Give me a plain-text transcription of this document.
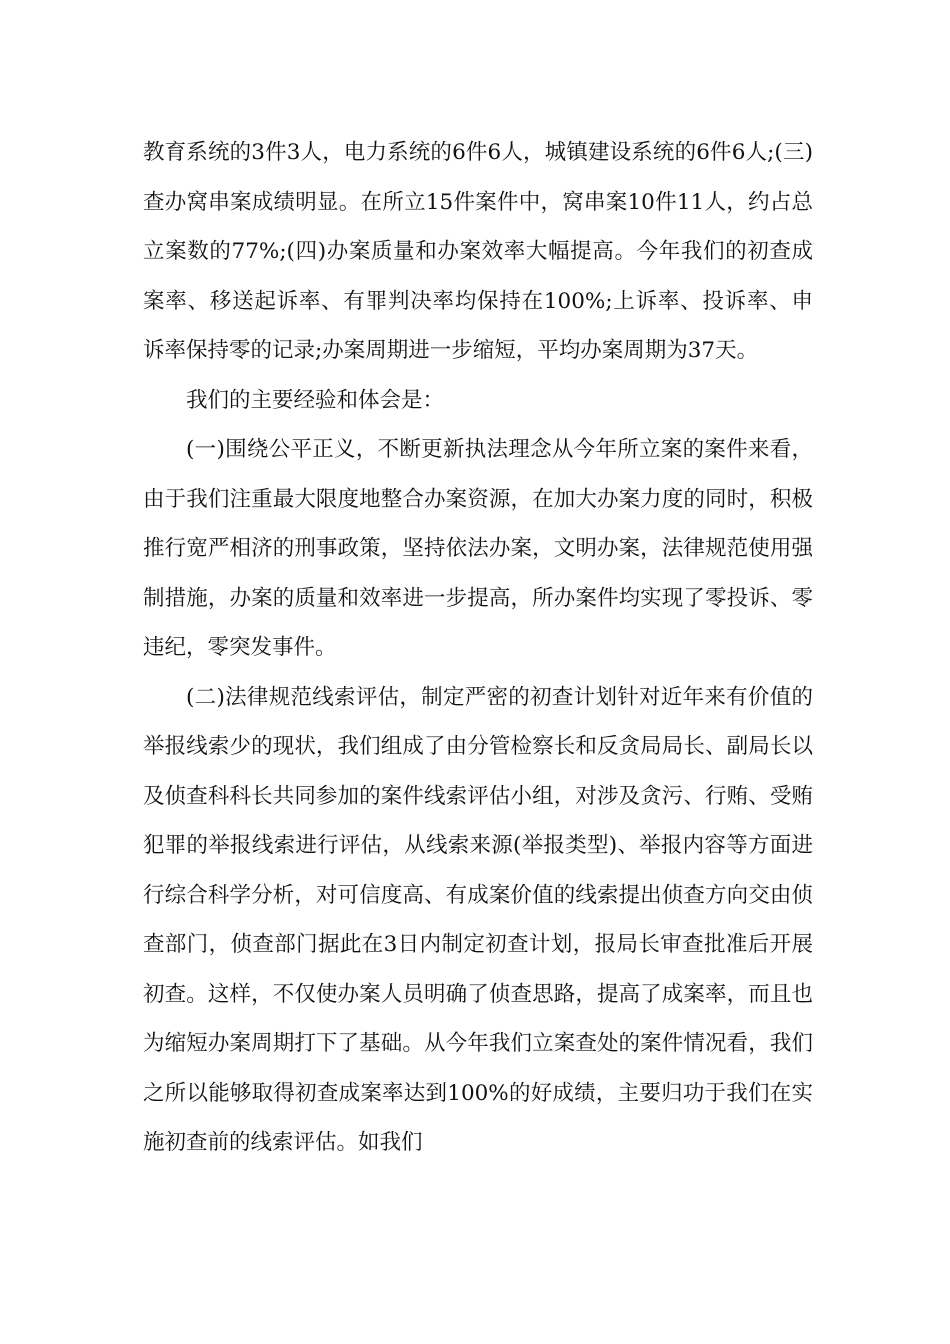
教育系统的3件3人，电力系统的6件6人，城镇建设系统的6件6人;(三)查办窝串案成绩明显。在所立15件案件中，窝串案10件11人，约占总立案数的77%;(四)办案质量和办案效率大幅提高。今年我们的初查成案率、移送起诉率、有罪判决率均保持在100%;上诉率、投诉率、申诉率保持零的记录;办案周期进一步缩短，平均办案周期为37天。

我们的主要经验和体会是：

(一)围绕公平正义，不断更新执法理念从今年所立案的案件来看，由于我们注重最大限度地整合办案资源，在加大办案力度的同时，积极推行宽严相济的刑事政策，坚持依法办案，文明办案，法律规范使用强制措施，办案的质量和效率进一步提高，所办案件均实现了零投诉、零违纪，零突发事件。

(二)法律规范线索评估，制定严密的初查计划针对近年来有价值的举报线索少的现状，我们组成了由分管检察长和反贪局局长、副局长以及侦查科科长共同参加的案件线索评估小组，对涉及贪污、行贿、受贿犯罪的举报线索进行评估，从线索来源(举报类型)、举报内容等方面进行综合科学分析，对可信度高、有成案价值的线索提出侦查方向交由侦查部门，侦查部门据此在3日内制定初查计划，报局长审查批准后开展初查。这样，不仅使办案人员明确了侦查思路，提高了成案率，而且也为缩短办案周期打下了基础。从今年我们立案查处的案件情况看，我们之所以能够取得初查成案率达到100%的好成绩，主要归功于我们在实施初查前的线索评估。如我们
